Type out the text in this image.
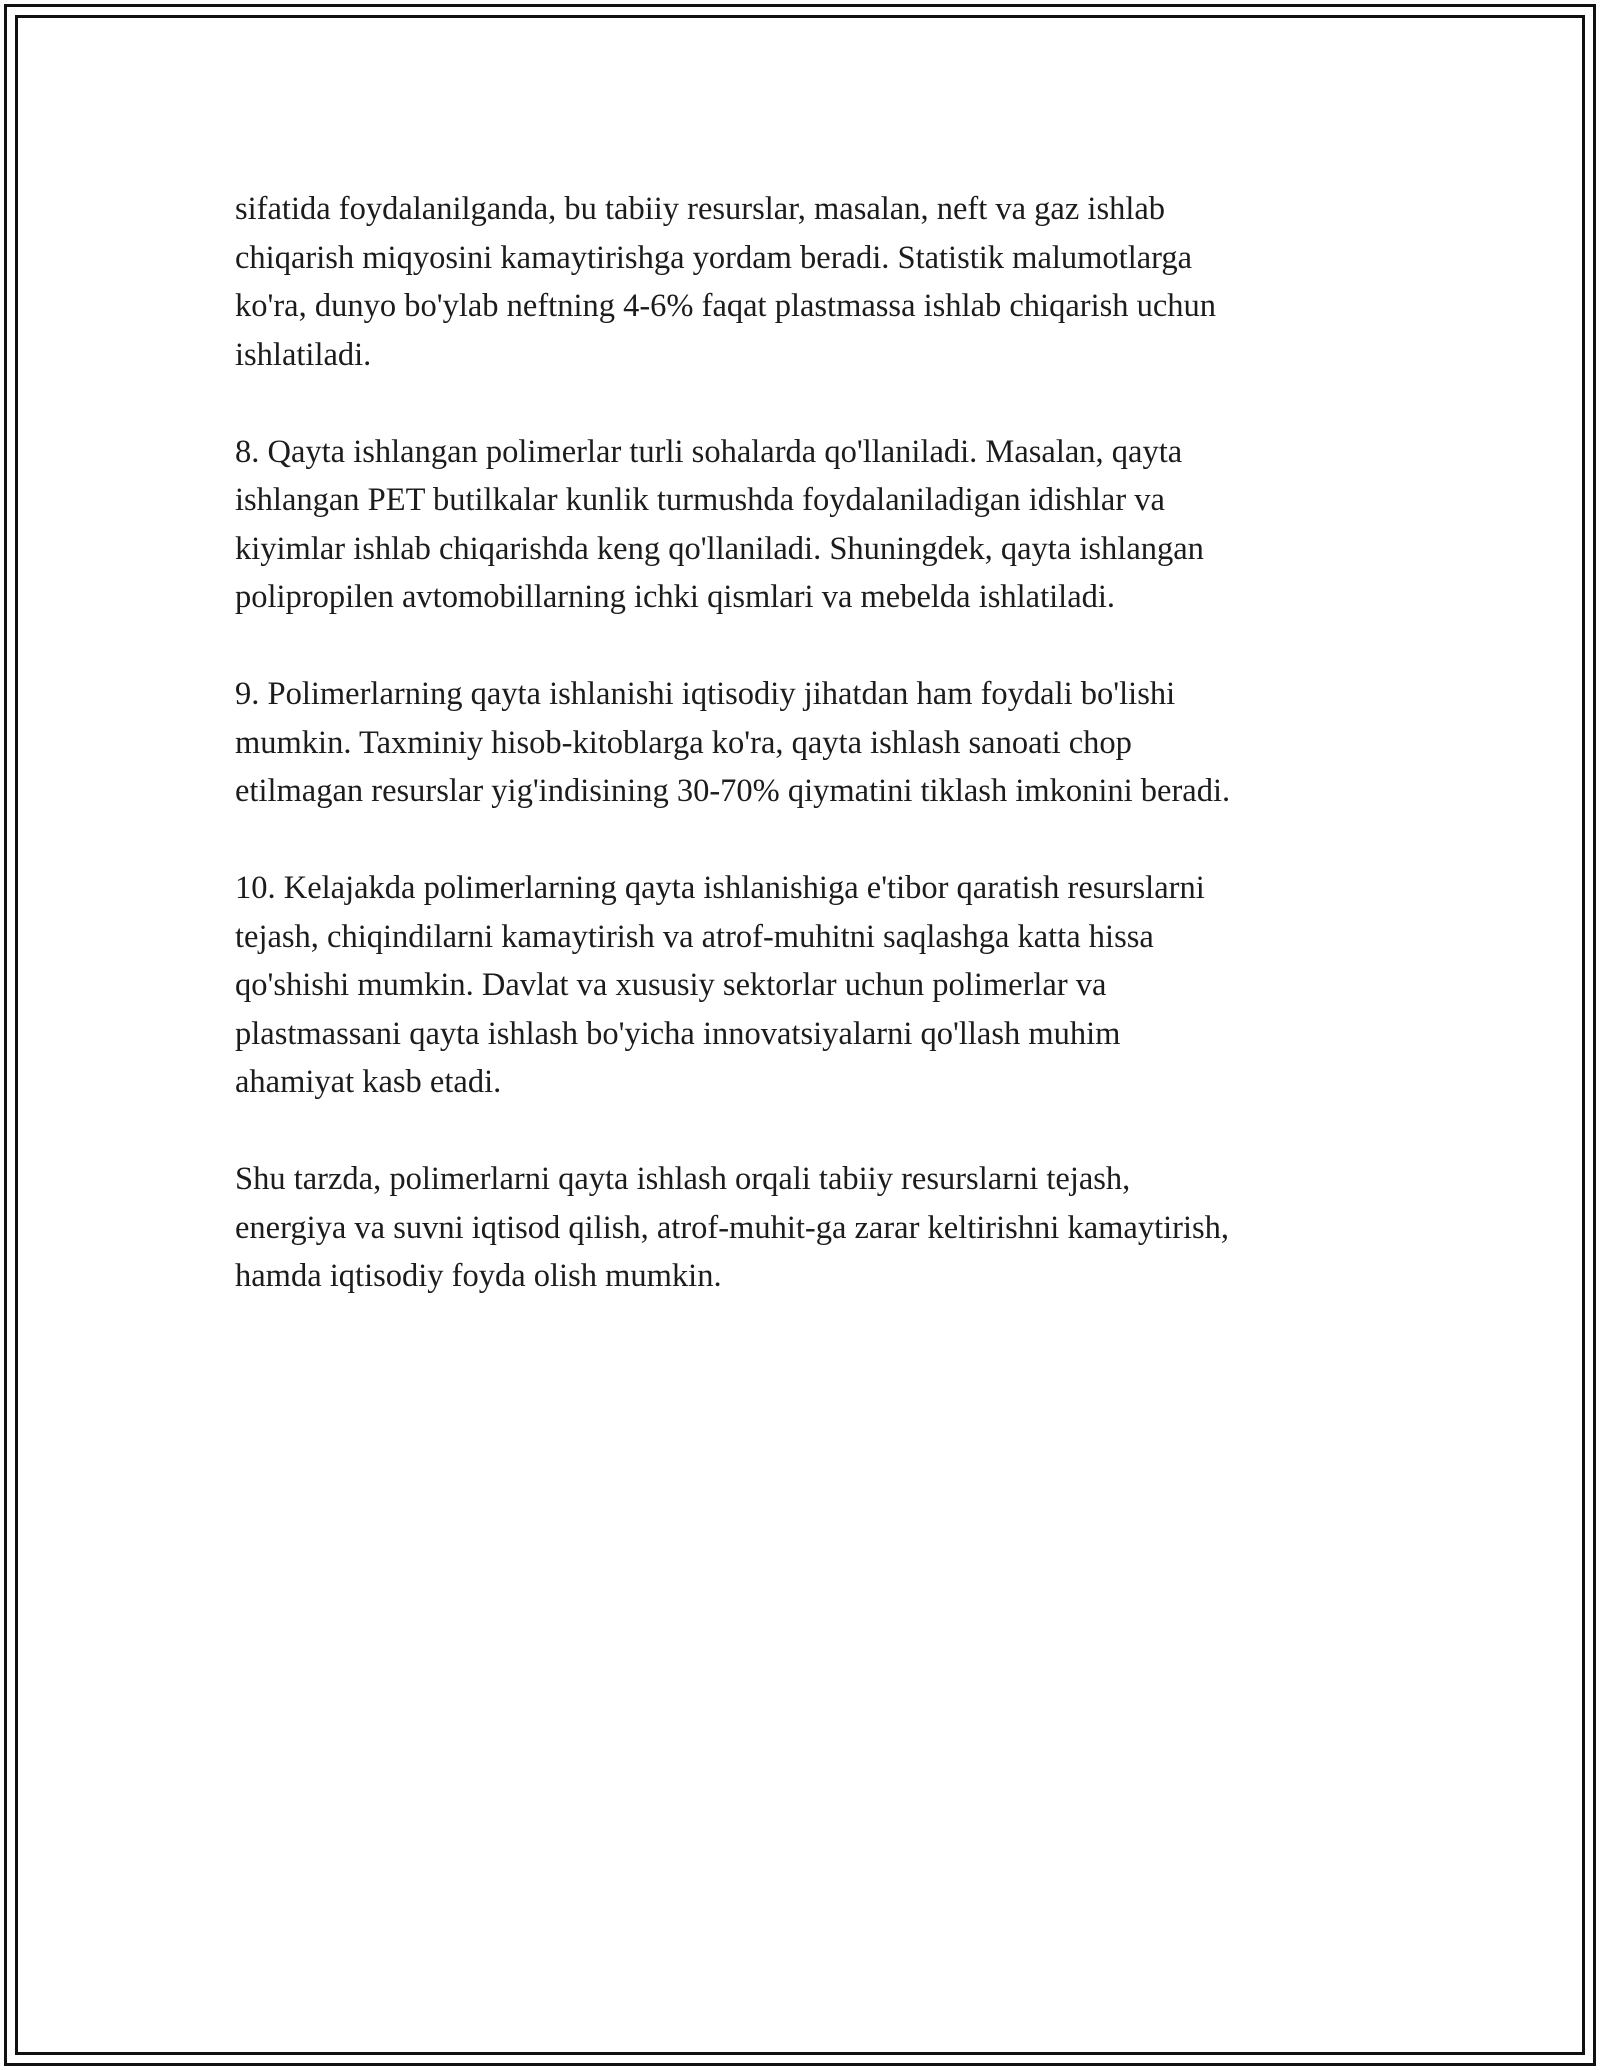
sifatida foydalanilganda, bu tabiiy resurslar, masalan, neft va gaz ishlab
chiqarish miqyosini kamaytirishga yordam beradi. Statistik malumotlarga
ko'ra, dunyo bo'ylab neftning 4-6% faqat plastmassa ishlab chiqarish uchun
ishlatiladi.

8. Qayta ishlangan polimerlar turli sohalarda qo'llaniladi. Masalan, qayta
ishlangan PET butilkalar kunlik turmushda foydalaniladigan idishlar va
kiyimlar ishlab chiqarishda keng qo'llaniladi. Shuningdek, qayta ishlangan
polipropilen avtomobillarning ichki qismlari va mebelda ishlatiladi.

9. Polimerlarning qayta ishlanishi iqtisodiy jihatdan ham foydali bo'lishi
mumkin. Taxminiy hisob-kitoblarga ko'ra, qayta ishlash sanoati chop
etilmagan resurslar yig'indisining 30-70% qiymatini tiklash imkonini beradi.

10. Kelajakda polimerlarning qayta ishlanishiga e'tibor qaratish resurslarni
tejash, chiqindilarni kamaytirish va atrof-muhitni saqlashga katta hissa
qo'shishi mumkin. Davlat va xususiy sektorlar uchun polimerlar va
plastmassani qayta ishlash bo'yicha innovatsiyalarni qo'llash muhim
ahamiyat kasb etadi.

Shu tarzda, polimerlarni qayta ishlash orqali tabiiy resurslarni tejash,
energiya va suvni iqtisod qilish, atrof-muhit-ga zarar keltirishni kamaytirish,
hamda iqtisodiy foyda olish mumkin.
